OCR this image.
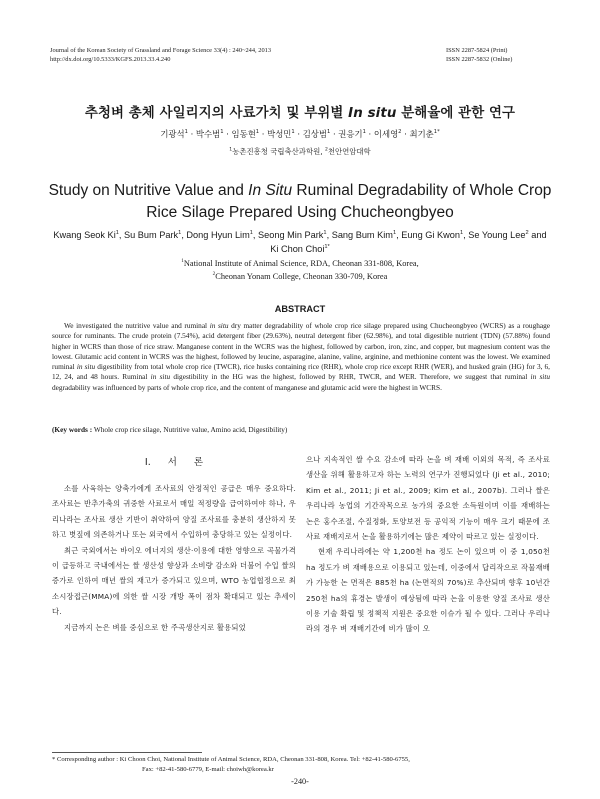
Journal of the Korean Society of Grassland and Forage Science 33(4) : 240~244, 2013
http://dx.doi.org/10.5333/KGFS.2013.33.4.240
ISSN 2287-5824 (Print)
ISSN 2287-5832 (Online)
추청벼 총체 사일리지의 사료가치 및 부위별 In situ 분해율에 관한 연구
기광석$^1$ · 박수범$^1$ · 임동현$^1$ · 박성민$^1$ · 김상범$^1$ · 권응기$^1$ · 이세영$^2$ · 최기춘$^{1*}$
$^1$농촌진흥청 국립축산과학원, $^2$천안연암대학
Study on Nutritive Value and In Situ Ruminal Degradability of Whole Crop Rice Silage Prepared Using Chucheongbyeo
Kwang Seok Ki$^1$, Su Bum Park$^1$, Dong Hyun Lim$^1$, Seong Min Park$^1$, Sang Bum Kim$^1$, Eung Gi Kwon$^1$, Se Young Lee$^2$ and Ki Chon Choi$^{1*}$
$^1$National Institute of Animal Science, RDA, Cheonan 331-808, Korea,
$^2$Cheonan Yonam College, Cheonan 330-709, Korea
ABSTRACT
We investigated the nutritive value and ruminal in situ dry matter degradability of whole crop rice silage prepared using Chucheongbyeo (WCRS) as a roughage source for ruminants. The crude protein (7.54%), acid detergent fiber (29.63%), neutral detergent fiber (62.98%), and total digestible nutrient (TDN) (57.88%) found higher in WCRS than those of rice straw. Manganese content in the WCRS was the highest, followed by carbon, iron, zinc, and copper, but magnesium content was the lowest. Glutamic acid content in WCRS was the highest, followed by leucine, asparagine, alanine, valine, arginine, and methionine content was the lowest. We examined ruminal in situ digestibility from total whole crop rice (TWCR), rice husks containing rice (RHR), whole crop rice except RHR (WER), and husked grain (HG) for 3, 6, 12, 24, and 48 hours. Ruminal in situ digestibility in the HG was the highest, followed by RHR, TWCR, and WER. Therefore, we suggest that ruminal in situ degradability was influenced by parts of whole crop rice, and the content of manganese and glutamic acid were the highest in WCRS.
(Key words : Whole crop rice silage, Nutritive value, Amino acid, Digestibility)
Ⅰ. 서 론
소를 사육하는 양축가에게 조사료의 안정적인 공급은 매우 중요하다. 조사료는 반추가축의 귀중한 사료로서 매일 적정량을 급여하여야 하나, 우리나라는 조사료 생산 기반이 취약하여 양질 조사료를 충분히 생산하지 못하고 볏짚에 의존하거나 또는 외국에서 수입하여 충당하고 있는 실정이다.
최근 국외에서는 바이오 에너지의 생산·이용에 대한 영향으로 곡물가격이 급등하고 국내에서는 쌀 생산성 향상과 소비량 감소와 더불어 수입 쌀의 증가로 인하여 매년 쌀의 재고가 증가되고 있으며, WTO 농업협정으로 최소시장접근(MMA)에 의한 쌀 시장 개방 폭이 점차 확대되고 있는 추세이다.
지금까지 논은 벼를 중심으로 한 주곡생산지로 활용되었
으나 지속적인 쌀 수요 감소에 따라 논을 벼 재배 이외의 목적, 즉 조사료 생산을 위해 활용하고자 하는 노력의 연구가 진행되었다 (Ji et al., 2010; Kim et al., 2011; Ji et al., 2009; Kim et al., 2007b). 그러나 쌀은 우리나라 농업의 기간작목으로 농가의 중요한 소득원이며 이를 재배하는 논은 홍수조절, 수질정화, 토양보전 등 공익적 기능이 매우 크기 때문에 조사료 재배지로서 논을 활용하기에는 많은 제약이 따르고 있는 실정이다.
현재 우리나라에는 약 1,200천 ha 정도 논이 있으며 이 중 1,050천 ha 정도가 벼 재배용으로 이용되고 있는데, 이중에서 답리작으로 작물재배가 가능한 논 면적은 885천 ha (논면적의 70%)로 추산되며 향후 10년간 250천 ha의 휴경논 발생이 예상됨에 따라 논을 이용한 양질 조사료 생산이용 기술 확립 및 정책적 지원은 중요한 이슈가 될 수 있다. 그러나 우리나라의 경우 벼 재배기간에 비가 많이 오
* Corresponding author : Ki Choon Choi, National Institute of Animal Science, RDA, Cheonan 331-808, Korea. Tel: +82-41-580-6755,
Fax: +82-41-580-6779, E-mail: choiwh@korea.kr
-240-
